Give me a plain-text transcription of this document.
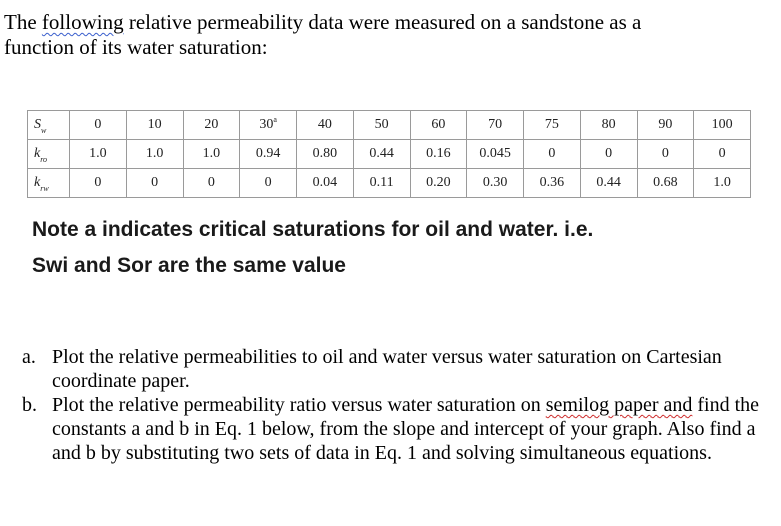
The following relative permeability data were measured on a sandstone as a
function of its water saturation:
$S_w$	0	10	20	30$^a$	40	50	60	70	75	80	90	100
$k_{ro}$	1.0	1.0	1.0	0.94	0.80	0.44	0.16	0.045	0	0	0	0
$k_{rw}$	0	0	0	0	0.04	0.11	0.20	0.30	0.36	0.44	0.68	1.0
Note a indicates critical saturations for oil and water. i.e.
Swi and Sor are the same value
a. Plot the relative permeabilities to oil and water versus water saturation on Cartesian coordinate paper.
b. Plot the relative permeability ratio versus water saturation on semilog paper and find the constants a and b in Eq. 1 below, from the slope and intercept of your graph. Also find a and b by substituting two sets of data in Eq. 1 and solving simultaneous equations.
